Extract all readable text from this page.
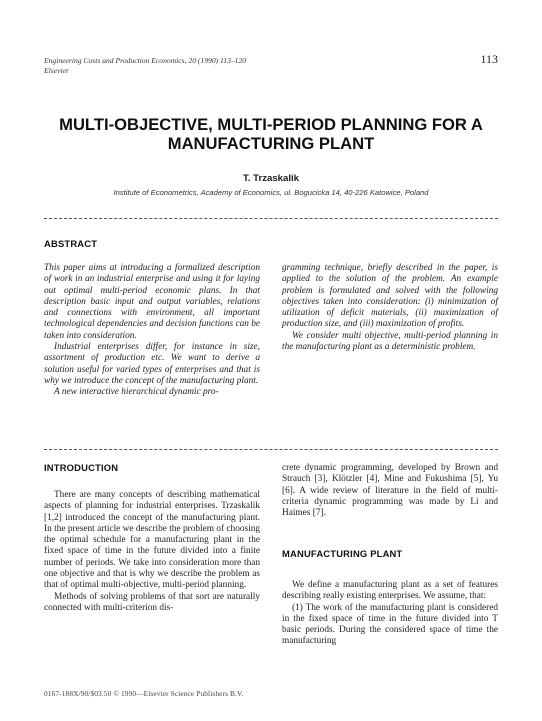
Engineering Costs and Production Economics, 20 (1990) 113–120
Elsevier
113
MULTI-OBJECTIVE, MULTI-PERIOD PLANNING FOR A
MANUFACTURING PLANT
T. Trzaskalik
Institute of Econometrics, Academy of Economics, ul. Bogucicka 14, 40-226 Katowice, Poland
ABSTRACT

This paper aims at introducing a formalized description of work in an industrial enterprise and using it for laying out optimal multi-period economic plans. In that description basic input and output variables, relations and connections with environment, all important technological dependencies and decision functions can be taken into consideration.

Industrial enterprises differ, for instance in size, assortment of production etc. We want to derive a solution useful for varied types of enterprises and that is why we introduce the concept of the manufacturing plant.

A new interactive hierarchical dynamic pro-

gramming technique, briefly described in the paper, is applied to the solution of the problem. An example problem is formulated and solved with the following objectives taken into consideration: (i) minimization of utilization of deficit materials, (ii) maximization of production size, and (iii) maximization of profits.

We consider multi objective, multi-period planning in the manufacturing plant as a deterministic problem.

INTRODUCTION

There are many concepts of describing mathematical aspects of planning for industrial enterprises. Trzaskalik [1,2] introduced the concept of the manufacturing plant. In the present article we describe the problem of choosing the optimal schedule for a manufacturing plant in the fixed space of time in the future divided into a finite number of periods. We take into consideration more than one objective and that is why we describe the problem as that of optimal multi-objective, multi-period planning.

Methods of solving problems of that sort are naturally connected with multi-criterion dis-

crete dynamic programming, developed by Brown and Strauch [3], Klötzler [4], Mine and Fukushima [5], Yu [6]. A wide review of literature in the field of multi-criteria dynamic programming was made by Li and Haimes [7].

MANUFACTURING PLANT

We define a manufacturing plant as a set of features describing really existing enterprises. We assume, that:

(1) The work of the manufacturing plant is considered in the fixed space of time in the future divided into T basic periods. During the considered space of time the manufacturing

0167-188X/90/$03.50 © 1990—Elsevier Science Publishers B.V.
